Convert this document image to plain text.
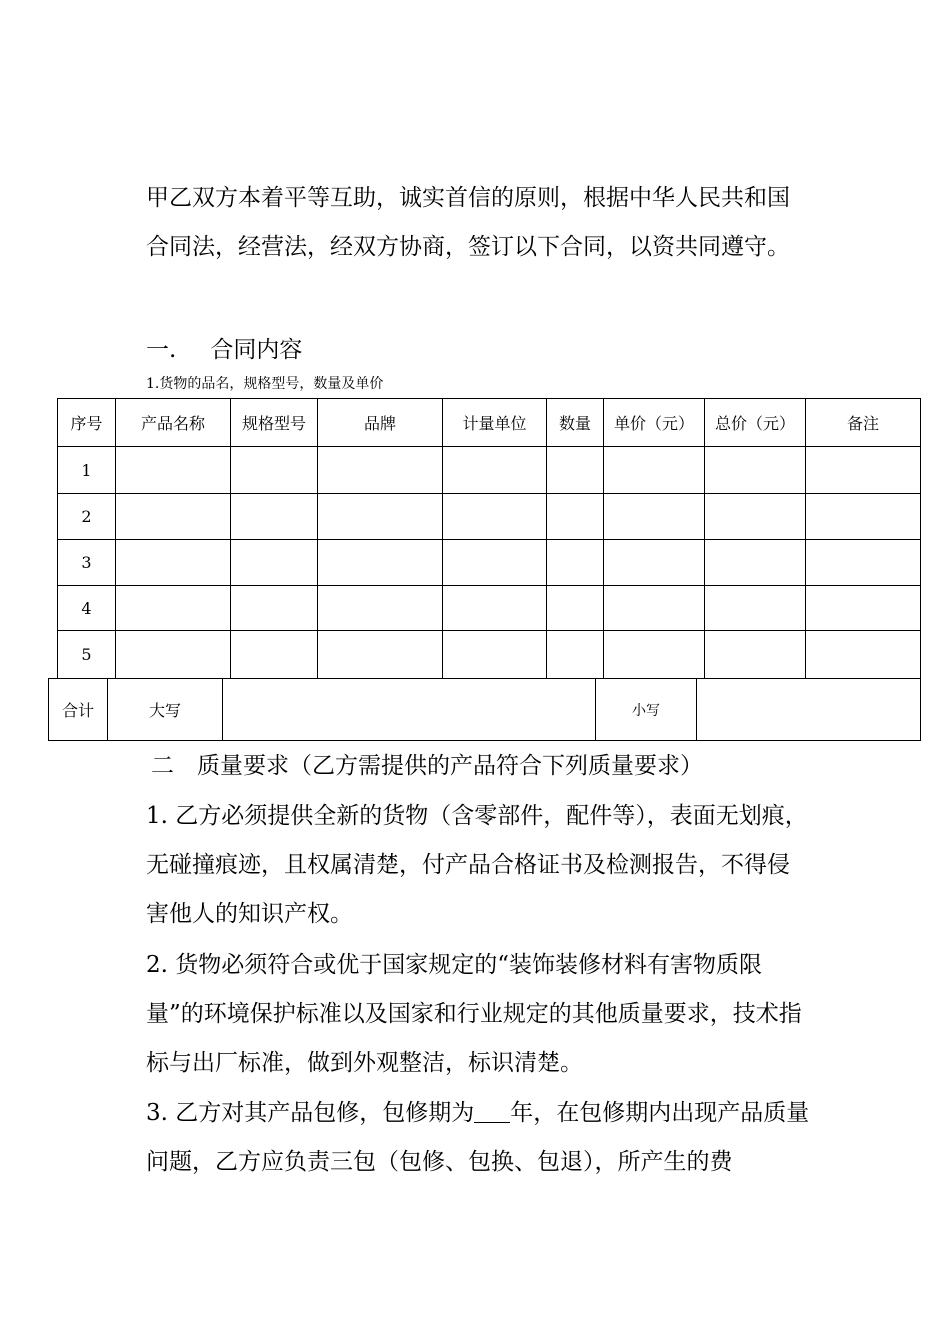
甲乙双方本着平等互助，诚实首信的原则，根据中华人民共和国合同法，经营法，经双方协商，签订以下合同，以资共同遵守。

一. 合同内容

1.货物的品名，规格型号，数量及单价

序号	产品名称	规格型号	品牌	计量单位	数量	单价（元）	总价（元）	备注
1								
2								
3								
4								
5								
合计	大写		小写	

二　质量要求（乙方需提供的产品符合下列质量要求）

1. 乙方必须提供全新的货物（含零部件，配件等），表面无划痕，无碰撞痕迹，且权属清楚，付产品合格证书及检测报告，不得侵害他人的知识产权。

2. 货物必须符合或优于国家规定的“装饰装修材料有害物质限量”的环境保护标准以及国家和行业规定的其他质量要求，技术指标与出厂标准，做到外观整洁，标识清楚。

3. 乙方对其产品包修，包修期为 年，在包修期内出现产品质量问题，乙方应负责三包（包修、包换、包退），所产生的费
